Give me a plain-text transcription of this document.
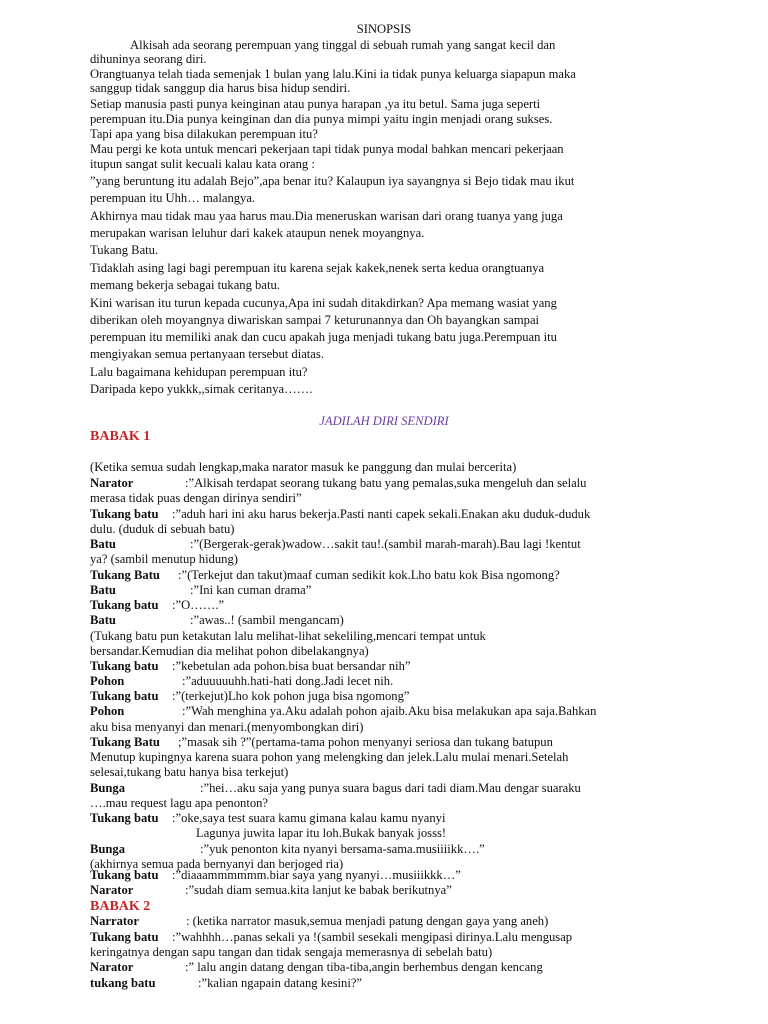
SINOPSIS
Alkisah ada seorang perempuan yang tinggal di sebuah rumah yang sangat kecil dan
dihuninya seorang diri.
Orangtuanya telah tiada semenjak 1 bulan yang lalu.Kini ia tidak punya keluarga siapapun maka
sanggup tidak sanggup dia harus bisa hidup sendiri.
Setiap manusia pasti punya keinginan atau punya harapan ,ya itu betul. Sama juga seperti
perempuan itu.Dia punya keinginan dan dia punya mimpi yaitu ingin menjadi orang sukses.
Tapi apa yang bisa dilakukan perempuan itu?
Mau pergi ke kota untuk mencari pekerjaan tapi tidak punya modal bahkan mencari pekerjaan
itupun sangat sulit kecuali kalau kata orang :
”yang beruntung itu adalah Bejo”,apa benar itu? Kalaupun iya sayangnya si Bejo tidak mau ikut
perempuan itu Uhh… malangya.
Akhirnya mau tidak mau yaa harus mau.Dia meneruskan warisan dari orang tuanya yang juga
merupakan warisan leluhur dari kakek ataupun nenek moyangnya.
Tukang Batu.
Tidaklah asing lagi bagi perempuan itu karena sejak kakek,nenek serta kedua orangtuanya
memang bekerja sebagai tukang batu.
Kini warisan itu turun kepada cucunya,Apa ini sudah ditakdirkan? Apa memang wasiat yang
diberikan oleh moyangnya diwariskan sampai 7 keturunannya dan Oh bayangkan sampai
perempuan itu memiliki anak dan cucu apakah juga menjadi tukang batu juga.Perempuan itu
mengiyakan semua pertanyaan tersebut diatas.
Lalu bagaimana kehidupan perempuan itu?
Daripada kepo yukkk,,simak ceritanya…….
JADILAH DIRI SENDIRI
BABAK 1
(Ketika semua sudah lengkap,maka narator masuk ke panggung dan mulai bercerita)
Narator	:”Alkisah terdapat seorang tukang batu yang pemalas,suka mengeluh dan selalu
merasa tidak puas dengan dirinya sendiri”
Tukang batu :”aduh hari ini aku harus bekerja.Pasti nanti capek sekali.Enakan aku duduk-duduk
dulu. (duduk di sebuah batu)
Batu	:”(Bergerak-gerak)wadow…sakit tau!.(sambil marah-marah).Bau lagi !kentut
ya? (sambil menutup hidung)
Tukang Batu :”(Terkejut dan takut)maaf cuman sedikit kok.Lho batu kok Bisa ngomong?
Batu	:”Ini kan cuman drama”
Tukang batu :”O…….”
Batu	:”awas..! (sambil mengancam)
(Tukang batu pun ketakutan lalu melihat-lihat sekeliling,mencari tempat untuk
bersandar.Kemudian dia melihat pohon dibelakangnya)
Tukang batu :”kebetulan ada pohon.bisa buat bersandar nih”
Pohon	:”aduuuuuhh.hati-hati dong.Jadi lecet nih.
Tukang batu :”(terkejut)Lho kok pohon juga bisa ngomong”
Pohon	:”Wah menghina ya.Aku adalah pohon ajaib.Aku bisa melakukan apa saja.Bahkan
aku bisa menyanyi dan menari.(menyombongkan diri)
Tukang Batu ;”masak sih ?”(pertama-tama pohon menyanyi seriosa dan tukang batupun
Menutup kupingnya karena suara pohon yang melengking dan jelek.Lalu mulai menari.Setelah
selesai,tukang batu hanya bisa terkejut)
Bunga	:”hei…aku saja yang punya suara bagus dari tadi diam.Mau dengar suaraku
….mau request lagu apa penonton?
Tukang batu :”oke,saya test suara kamu gimana kalau kamu nyanyi
Lagunya juwita lapar itu loh.Bukak banyak josss!
Bunga	:”yuk penonton kita nyanyi bersama-sama.musiiiikk….”
(akhirnya semua pada bernyanyi dan berjoged ria)
Tukang batu :”diaaammmmmm.biar saya yang nyanyi…musiiikkk…”
Narator	:”sudah diam semua.kita lanjut ke babak berikutnya”
BABAK 2
Narrator	: (ketika narrator masuk,semua menjadi patung dengan gaya yang aneh)
Tukang batu :”wahhhh…panas sekali ya !(sambil sesekali mengipasi dirinya.Lalu mengusap
keringatnya dengan sapu tangan dan tidak sengaja memerasnya di sebelah batu)
Narator	:” lalu angin datang dengan tiba-tiba,angin berhembus dengan kencang
tukang batu	:”kalian ngapain datang kesini?”
